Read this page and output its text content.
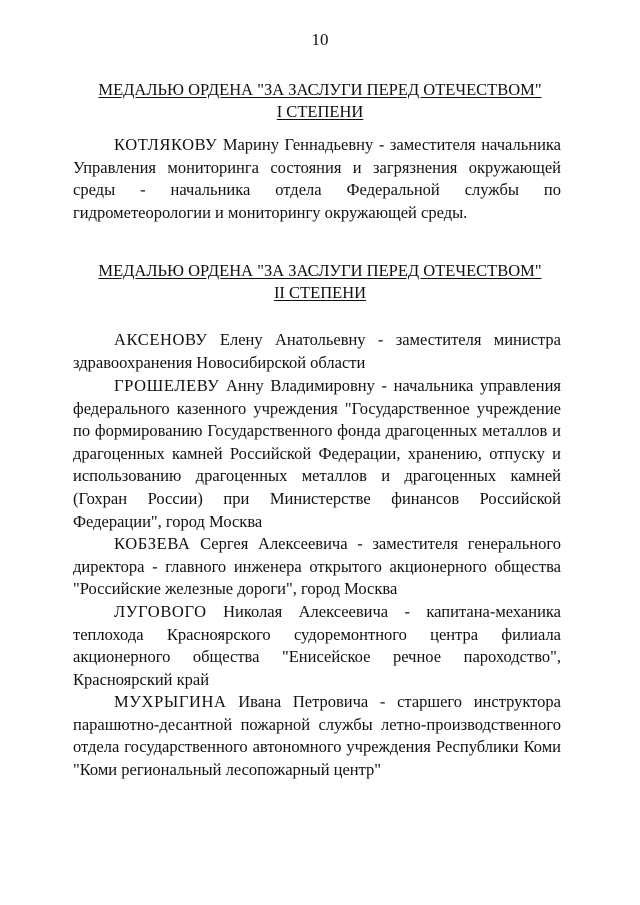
10
МЕДАЛЬЮ ОРДЕНА "ЗА ЗАСЛУГИ ПЕРЕД ОТЕЧЕСТВОМ"
I СТЕПЕНИ

КОТЛЯКОВУ Марину Геннадьевну - заместителя начальника Управления мониторинга состояния и загрязнения окружающей среды - начальника отдела Федеральной службы по гидрометеорологии и мониторингу окружающей среды.

МЕДАЛЬЮ ОРДЕНА "ЗА ЗАСЛУГИ ПЕРЕД ОТЕЧЕСТВОМ"
II СТЕПЕНИ

АКСЕНОВУ Елену Анатольевну - заместителя министра здравоохранения Новосибирской области

ГРОШЕЛЕВУ Анну Владимировну - начальника управления федерального казенного учреждения "Государственное учреждение по формированию Государственного фонда драгоценных металлов и драгоценных камней Российской Федерации, хранению, отпуску и использованию драгоценных металлов и драгоценных камней (Гохран России) при Министерстве финансов Российской Федерации", город Москва

КОБЗЕВА Сергея Алексеевича - заместителя генерального директора - главного инженера открытого акционерного общества "Российские железные дороги", город Москва

ЛУГОВОГО Николая Алексеевича - капитана-механика теплохода Красноярского судоремонтного центра филиала акционерного общества "Енисейское речное пароходство", Красноярский край

МУХРЫГИНА Ивана Петровича - старшего инструктора парашютно-десантной пожарной службы летно-производственного отдела государственного автономного учреждения Республики Коми "Коми региональный лесопожарный центр"
